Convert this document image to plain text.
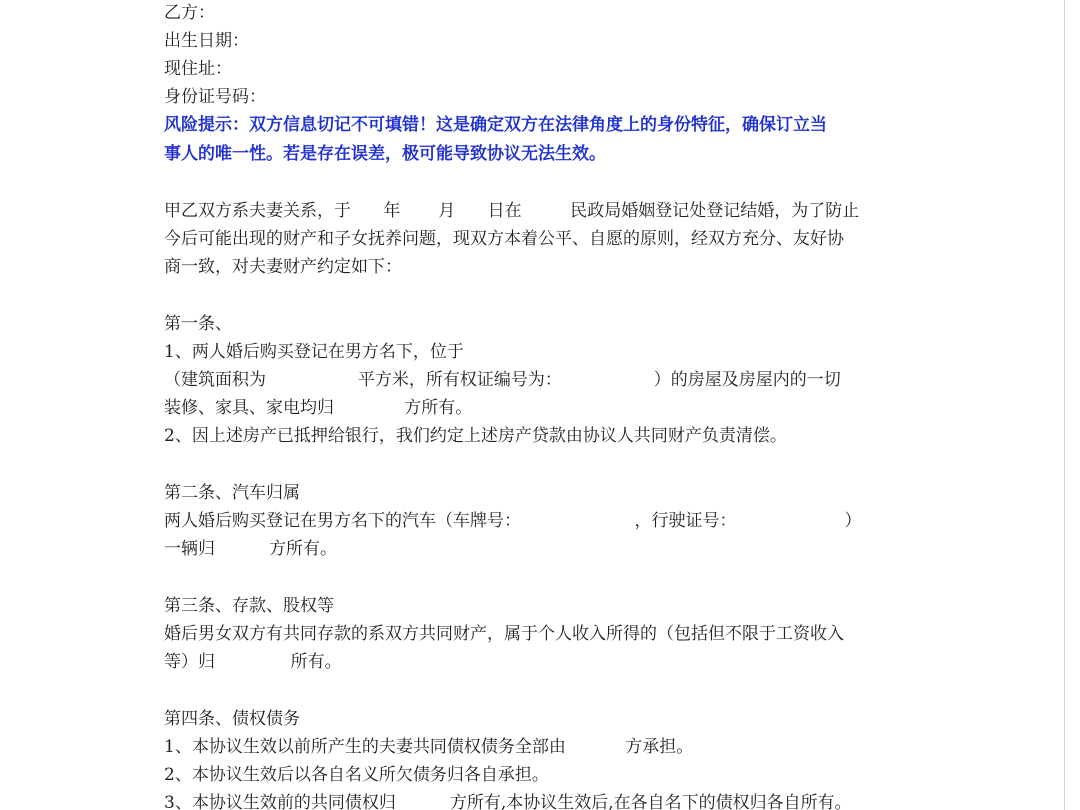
乙方：
出生日期：
现住址：
身份证号码：
风险提示：双方信息切记不可填错！这是确定双方在法律角度上的身份特征，确保订立当
事人的唯一性。若是存在误差，极可能导致协议无法生效。
甲乙双方系夫妻关系，于      年       月      日在         民政局婚姻登记处登记结婚，为了防止
今后可能出现的财产和子女抚养问题，现双方本着公平、自愿的原则，经双方充分、友好协
商一致，对夫妻财产约定如下：
第一条、
1、两人婚后购买登记在男方名下，位于
（建筑面积为                 平方米，所有权证编号为：                 ）的房屋及房屋内的一切
装修、家具、家电均归             方所有。
2、因上述房产已抵押给银行，我们约定上述房产贷款由协议人共同财产负责清偿。
第二条、汽车归属
两人婚后购买登记在男方名下的汽车（车牌号：                     ，行驶证号：                    ）
一辆归          方所有。
第三条、存款、股权等
婚后男女双方有共同存款的系双方共同财产，属于个人收入所得的（包括但不限于工资收入
等）归              所有。
第四条、债权债务
1、本协议生效以前所产生的夫妻共同债权债务全部由           方承担。
2、本协议生效后以各自名义所欠债务归各自承担。
3、本协议生效前的共同债权归          方所有,本协议生效后,在各自名下的债权归各自所有。
